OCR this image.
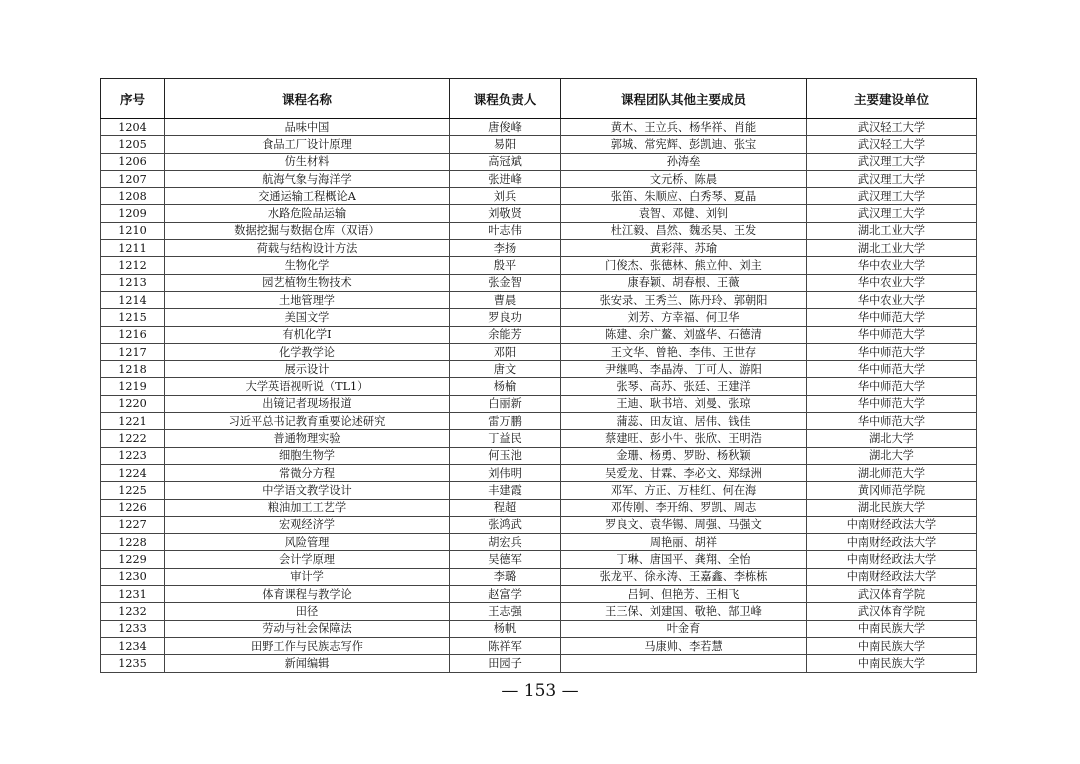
序号	课程名称	课程负责人	课程团队其他主要成员	主要建设单位
1204	品味中国	唐俊峰	黄木、王立兵、杨华祥、肖能	武汉轻工大学
1205	食品工厂设计原理	易阳	郭城、常宪辉、彭凯迪、张宝	武汉轻工大学
1206	仿生材料	高冠斌	孙涛垒	武汉理工大学
1207	航海气象与海洋学	张进峰	文元桥、陈晨	武汉理工大学
1208	交通运输工程概论A	刘兵	张笛、朱顺应、白秀琴、夏晶	武汉理工大学
1209	水路危险品运输	刘敬贤	袁智、邓健、刘钊	武汉理工大学
1210	数据挖掘与数据仓库（双语）	叶志伟	杜江毅、昌然、魏丞昊、王发	湖北工业大学
1211	荷载与结构设计方法	李扬	黄彩萍、苏瑜	湖北工业大学
1212	生物化学	殷平	门俊杰、张德林、熊立仲、刘主	华中农业大学
1213	园艺植物生物技术	张金智	康春颖、胡春根、王薇	华中农业大学
1214	土地管理学	曹晨	张安录、王秀兰、陈丹玲、郭朝阳	华中农业大学
1215	美国文学	罗良功	刘芳、方幸福、何卫华	华中师范大学
1216	有机化学Ⅰ	余能芳	陈建、余广鳌、刘盛华、石德清	华中师范大学
1217	化学教学论	邓阳	王文华、曾艳、李伟、王世存	华中师范大学
1218	展示设计	唐文	尹继鸣、李晶涛、丁可人、游阳	华中师范大学
1219	大学英语视听说（TL1）	杨榆	张琴、高苏、张廷、王建洋	华中师范大学
1220	出镜记者现场报道	白丽新	王迪、耿书培、刘曼、张琼	华中师范大学
1221	习近平总书记教育重要论述研究	雷万鹏	蒲蕊、田友谊、居伟、钱佳	华中师范大学
1222	普通物理实验	丁益民	蔡建旺、彭小牛、张欣、王明浩	湖北大学
1223	细胞生物学	何玉池	金珊、杨勇、罗盼、杨秋颖	湖北大学
1224	常微分方程	刘伟明	吴爱龙、甘霖、李必文、郑绿洲	湖北师范大学
1225	中学语文教学设计	丰建霞	邓军、方正、万桂红、何在海	黄冈师范学院
1226	粮油加工工艺学	程超	邓传刚、李开绵、罗凯、周志	湖北民族大学
1227	宏观经济学	张鸿武	罗良文、袁华锡、周强、马强文	中南财经政法大学
1228	风险管理	胡宏兵	周艳丽、胡祥	中南财经政法大学
1229	会计学原理	吴德军	丁琳、唐国平、龚翔、全怡	中南财经政法大学
1230	审计学	李璐	张龙平、徐永涛、王嘉鑫、李栋栋	中南财经政法大学
1231	体育课程与教学论	赵富学	吕钶、但艳芳、王相飞	武汉体育学院
1232	田径	王志强	王三保、刘建国、敬艳、郜卫峰	武汉体育学院
1233	劳动与社会保障法	杨帆	叶金育	中南民族大学
1234	田野工作与民族志写作	陈祥军	马康帅、李若慧	中南民族大学
1235	新闻编辑	田园子		中南民族大学
— 153 —
